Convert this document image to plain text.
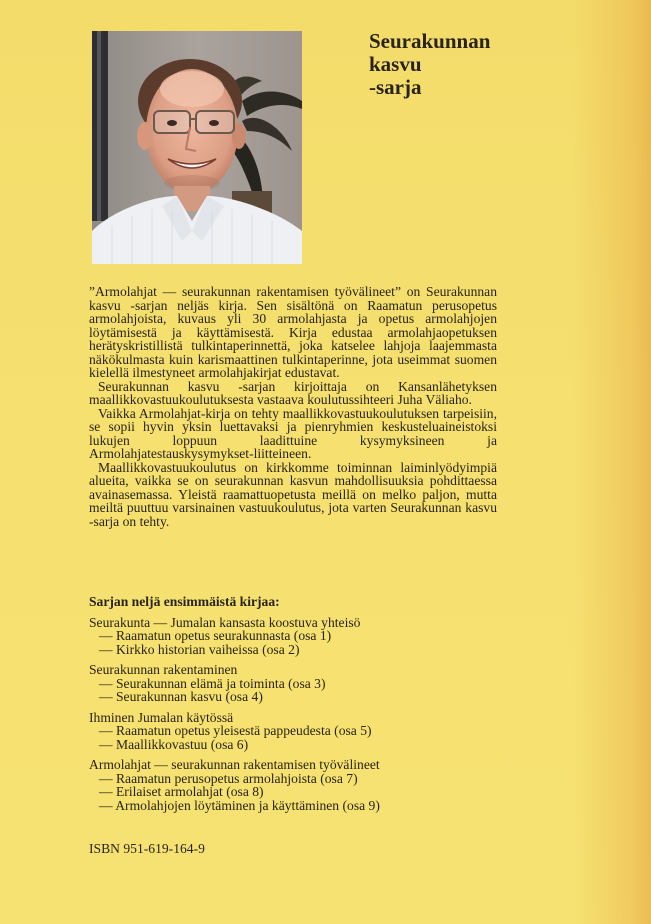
Seurakunnan
kasvu
-sarja

”Armolahjat — seurakunnan rakentamisen työvälineet” on Seurakunnan kasvu -sarjan neljäs kirja. Sen sisältönä on Raamatun perusopetus armolahjoista, kuvaus yli 30 armolahjasta ja opetus armolahjojen löytämisestä ja käyttämisestä. Kirja edustaa armolahjaopetuksen herätyskristillistä tulkintaperinnettä, joka katselee lahjoja laajemmasta näkökulmasta kuin karismaattinen tulkintaperinne, jota useimmat suomen kielellä ilmestyneet armolahjakirjat edustavat.

Seurakunnan kasvu -sarjan kirjoittaja on Kansanlähetyksen maallikkovastuukoulutuksesta vastaava koulutussihteeri Juha Väliaho.

Vaikka Armolahjat-kirja on tehty maallikkovastuukoulutuksen tarpeisiin, se sopii hyvin yksin luettavaksi ja pienryhmien keskusteluaineistoksi lukujen loppuun laadittuine kysymyksineen ja Armolahjatestauskysymykset-liitteineen.

Maallikkovastuukoulutus on kirkkomme toiminnan laiminlyödyimpiä alueita, vaikka se on seurakunnan kasvun mahdollisuuksia pohdittaessa avainasemassa. Yleistä raamattuopetusta meillä on melko paljon, mutta meiltä puuttuu varsinainen vastuukoulutus, jota varten Seurakunnan kasvu -sarja on tehty.

Sarjan neljä ensimmäistä kirjaa:
Seurakunta — Jumalan kansasta koostuva yhteisö
— Raamatun opetus seurakunnasta (osa 1)
— Kirkko historian vaiheissa (osa 2)
Seurakunnan rakentaminen
— Seurakunnan elämä ja toiminta (osa 3)
— Seurakunnan kasvu (osa 4)
Ihminen Jumalan käytössä
— Raamatun opetus yleisestä pappeudesta (osa 5)
— Maallikkovastuu (osa 6)
Armolahjat — seurakunnan rakentamisen työvälineet
— Raamatun perusopetus armolahjoista (osa 7)
— Erilaiset armolahjat (osa 8)
— Armolahjojen löytäminen ja käyttäminen (osa 9)
ISBN 951-619-164-9
